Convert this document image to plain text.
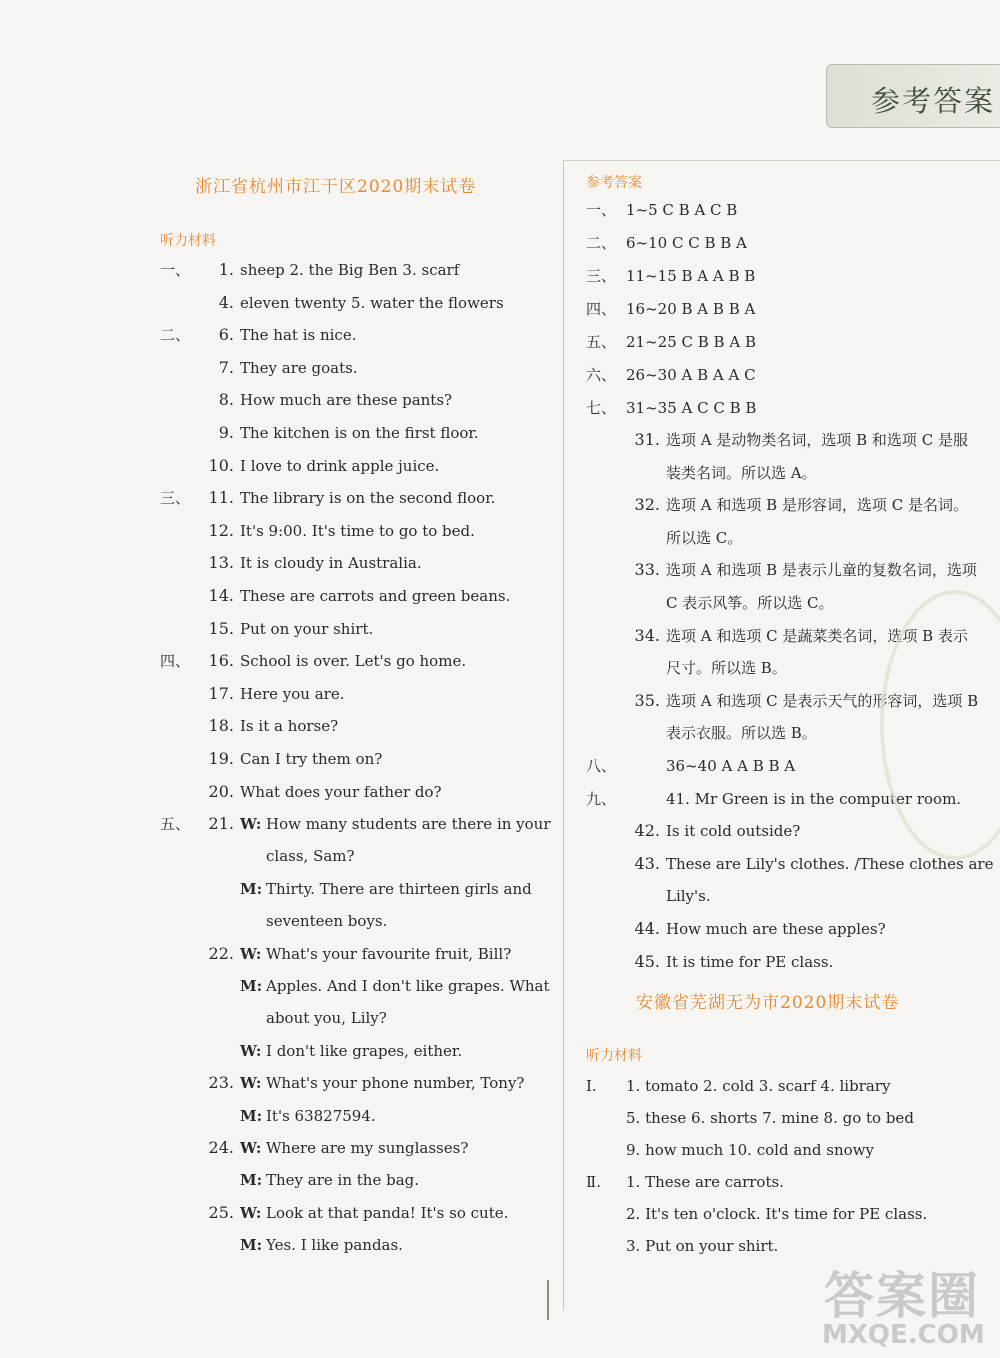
参考答案
浙江省杭州市江干区2020期末试卷
听力材料
一、 1. sheep 2. the Big Ben 3. scarf
4. eleven twenty 5. water the flowers
二、 6. The hat is nice.
7. They are goats.
8. How much are these pants?
9. The kitchen is on the first floor.
10. I love to drink apple juice.
三、 11. The library is on the second floor.
12. It's 9:00. It's time to go to bed.
13. It is cloudy in Australia.
14. These are carrots and green beans.
15. Put on your shirt.
四、 16. School is over. Let's go home.
17. Here you are.
18. Is it a horse?
19. Can I try them on?
20. What does your father do?
五、 21. W: How many students are there in your
class, Sam?
M: Thirty. There are thirteen girls and
seventeen boys.
22. W: What's your favourite fruit, Bill?
M: Apples. And I don't like grapes. What
about you, Lily?
W: I don't like grapes, either.
23. W: What's your phone number, Tony?
M: It's 63827594.
24. W: Where are my sunglasses?
M: They are in the bag.
25. W: Look at that panda! It's so cute.
M: Yes. I like pandas.
参考答案
一、 1~5 C B A C B
二、 6~10 C C B B A
三、 11~15 B A A B B
四、 16~20 B A B B A
五、 21~25 C B B A B
六、 26~30 A B A A C
七、 31~35 A C C B B
31. 选项 A 是动物类名词，选项 B 和选项 C 是服
装类名词。所以选 A。
32. 选项 A 和选项 B 是形容词，选项 C 是名词。
所以选 C。
33. 选项 A 和选项 B 是表示儿童的复数名词，选项
C 表示风筝。所以选 C。
34. 选项 A 和选项 C 是蔬菜类名词，选项 B 表示
尺寸。所以选 B。
35. 选项 A 和选项 C 是表示天气的形容词，选项 B
表示衣服。所以选 B。
八、	36~40 A A B B A
九、	41. Mr Green is in the computer room.
42. Is it cold outside?
43. These are Lily's clothes. /These clothes are
Lily's.
44. How much are these apples?
45. It is time for PE class.
安徽省芜湖无为市2020期末试卷
听力材料
Ⅰ. 1. tomato 2. cold 3. scarf 4. library
5. these 6. shorts 7. mine 8. go to bed
9. how much 10. cold and snowy
Ⅱ. 1. These are carrots.
2. It's ten o'clock. It's time for PE class.
3. Put on your shirt.
答案圈
MXQE.COM
